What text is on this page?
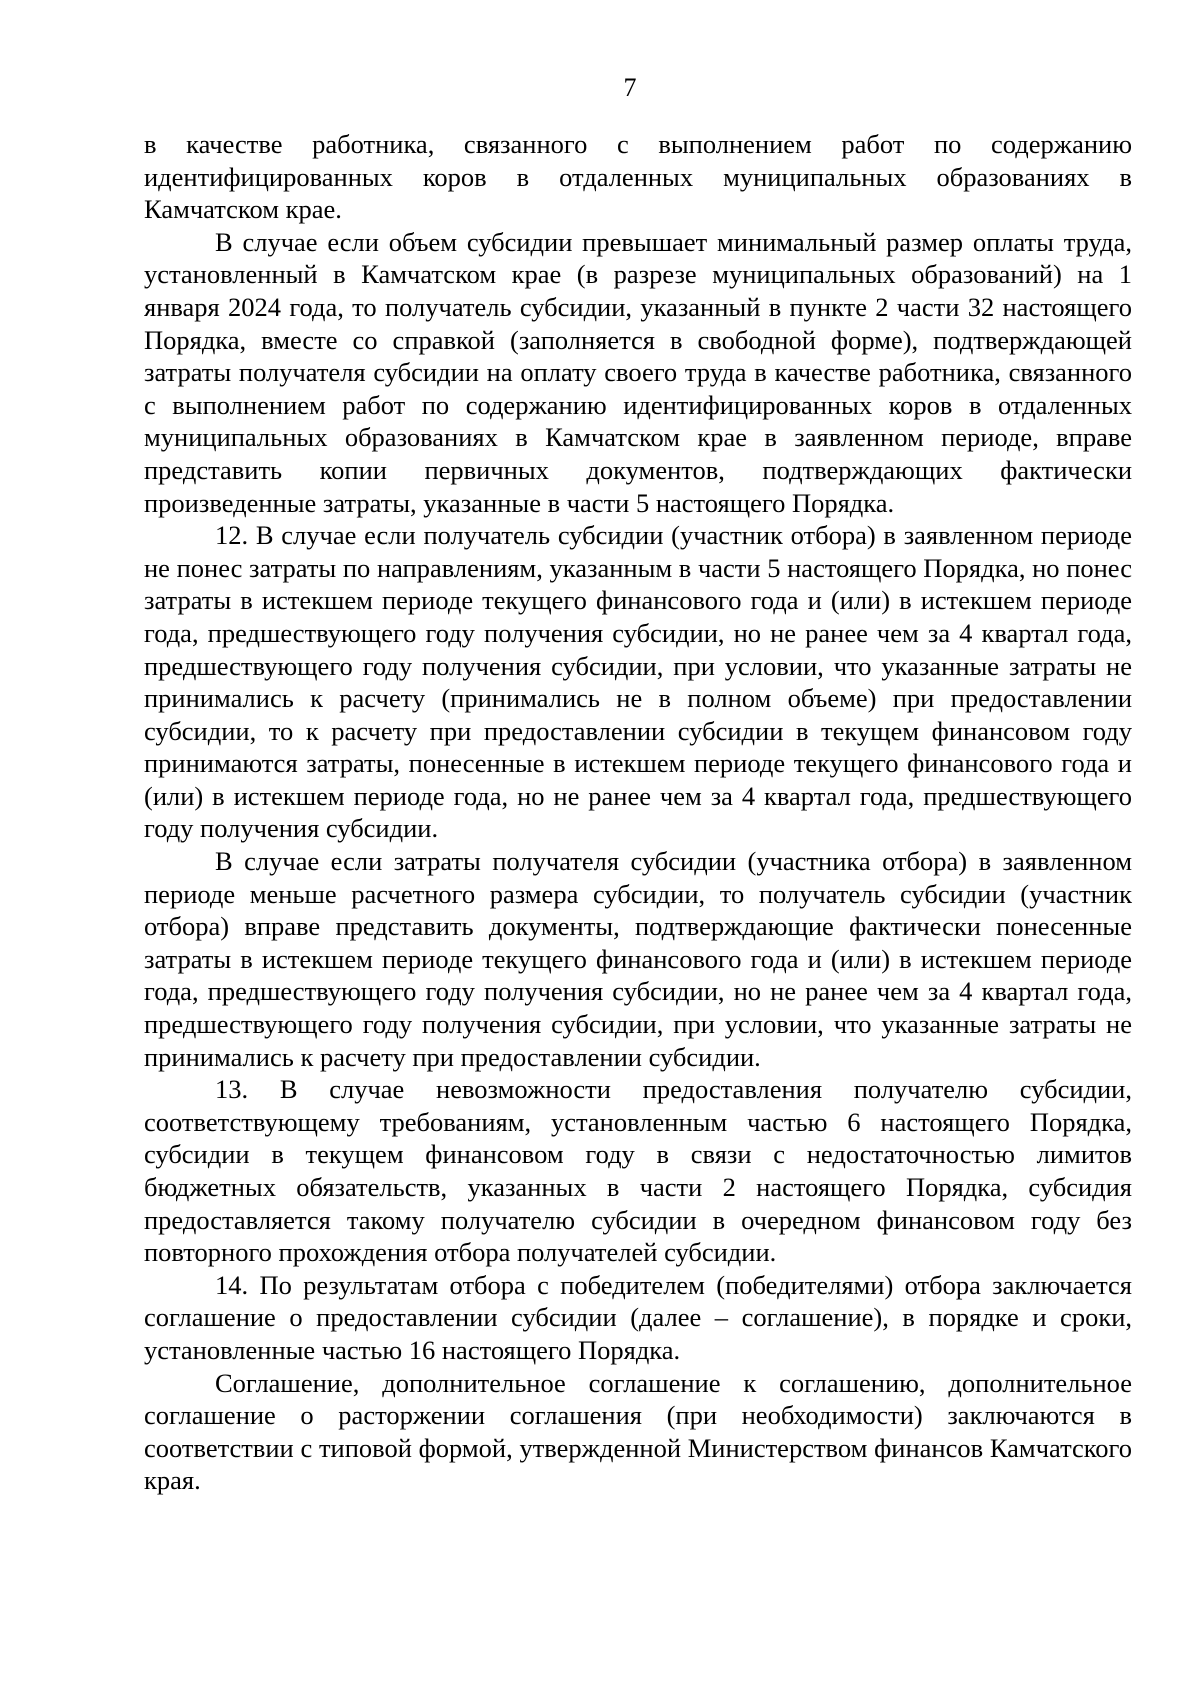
7

в качестве работника, связанного с выполнением работ по содержанию идентифицированных коров в отдаленных муниципальных образованиях в Камчатском крае.

В случае если объем субсидии превышает минимальный размер оплаты труда, установленный в Камчатском крае (в разрезе муниципальных образований) на 1 января 2024 года, то получатель субсидии, указанный в пункте 2 части 32 настоящего Порядка, вместе со справкой (заполняется в свободной форме), подтверждающей затраты получателя субсидии на оплату своего труда в качестве работника, связанного с выполнением работ по содержанию идентифицированных коров в отдаленных муниципальных образованиях в Камчатском крае в заявленном периоде, вправе представить копии первичных документов, подтверждающих фактически произведенные затраты, указанные в части 5 настоящего Порядка.

12. В случае если получатель субсидии (участник отбора) в заявленном периоде не понес затраты по направлениям, указанным в части 5 настоящего Порядка, но понес затраты в истекшем периоде текущего финансового года и (или) в истекшем периоде года, предшествующего году получения субсидии, но не ранее чем за 4 квартал года, предшествующего году получения субсидии, при условии, что указанные затраты не принимались к расчету (принимались не в полном объеме) при предоставлении субсидии, то к расчету при предоставлении субсидии в текущем финансовом году принимаются затраты, понесенные в истекшем периоде текущего финансового года и (или) в истекшем периоде года, но не ранее чем за 4 квартал года, предшествующего году получения субсидии.

В случае если затраты получателя субсидии (участника отбора) в заявленном периоде меньше расчетного размера субсидии, то получатель субсидии (участник отбора) вправе представить документы, подтверждающие фактически понесенные затраты в истекшем периоде текущего финансового года и (или) в истекшем периоде года, предшествующего году получения субсидии, но не ранее чем за 4 квартал года, предшествующего году получения субсидии, при условии, что указанные затраты не принимались к расчету при предоставлении субсидии.

13. В случае невозможности предоставления получателю субсидии, соответствующему требованиям, установленным частью 6 настоящего Порядка, субсидии в текущем финансовом году в связи с недостаточностью лимитов бюджетных обязательств, указанных в части 2 настоящего Порядка, субсидия предоставляется такому получателю субсидии в очередном финансовом году без повторного прохождения отбора получателей субсидии.

14. По результатам отбора с победителем (победителями) отбора заключается соглашение о предоставлении субсидии (далее – соглашение), в порядке и сроки, установленные частью 16 настоящего Порядка.

Соглашение, дополнительное соглашение к соглашению, дополнительное соглашение о расторжении соглашения (при необходимости) заключаются в соответствии с типовой формой, утвержденной Министерством финансов Камчатского края.
